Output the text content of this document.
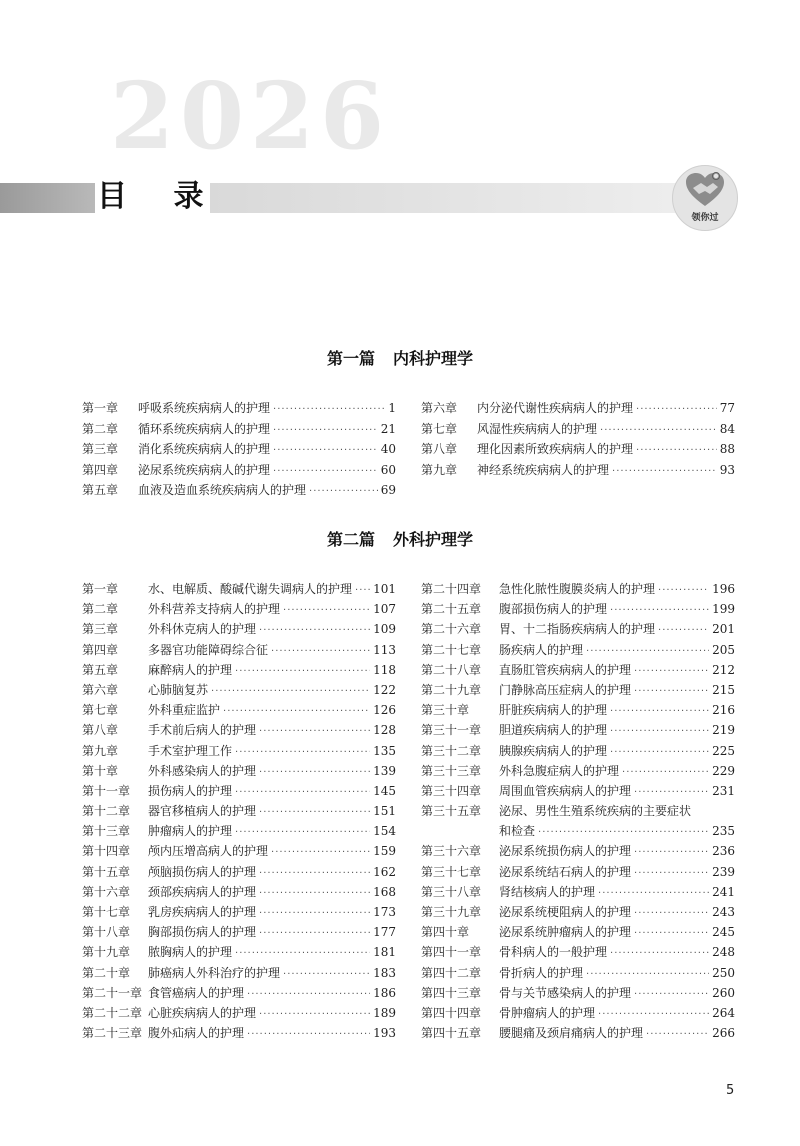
2026
目 录
领你过
第一篇 内科护理学
第一章	呼吸系统疾病病人的护理 ·····	1
第二章	循环系统疾病病人的护理 ·····	21
第三章	消化系统疾病病人的护理 ·····	40
第四章	泌尿系统疾病病人的护理 ·····	60
第五章	血液及造血系统疾病病人的护理 ·····	69
第六章	内分泌代谢性疾病病人的护理 ·····	77
第七章	风湿性疾病病人的护理 ·····	84
第八章	理化因素所致疾病病人的护理 ·····	88
第九章	神经系统疾病病人的护理 ·····	93
第二篇 外科护理学
第一章	水、电解质、酸碱代谢失调病人的护理 ····· 101
第二章	外科营养支持病人的护理 ·····	107
第三章	外科休克病人的护理 ·····	109
第四章	多器官功能障碍综合征 ·····	113
第五章	麻醉病人的护理 ·····	118
第六章	心肺脑复苏 ·····	122
第七章	外科重症监护 ·····	126
第八章	手术前后病人的护理 ·····	128
第九章	手术室护理工作 ·····	135
第十章	外科感染病人的护理 ·····	139
第十一章	损伤病人的护理 ·····	145
第十二章	器官移植病人的护理 ·····	151
第十三章	肿瘤病人的护理 ·····	154
第十四章	颅内压增高病人的护理 ·····	159
第十五章	颅脑损伤病人的护理 ·····	162
第十六章	颈部疾病病人的护理 ·····	168
第十七章	乳房疾病病人的护理 ·····	173
第十八章	胸部损伤病人的护理 ·····	177
第十九章	脓胸病人的护理 ·····	181
第二十章	肺癌病人外科治疗的护理 ·····	183
第二十一章 食管癌病人的护理 ·····	186
第二十二章 心脏疾病病人的护理 ·····	189
第二十三章 腹外疝病人的护理 ·····	193
第二十四章	急性化脓性腹膜炎病人的护理 ·····	196
第二十五章	腹部损伤病人的护理 ·····	199
第二十六章	胃、十二指肠疾病病人的护理 ·····	201
第二十七章	肠疾病人的护理 ·····	205
第二十八章	直肠肛管疾病病人的护理 ·····	212
第二十九章	门静脉高压症病人的护理 ·····	215
第三十章	肝脏疾病病人的护理 ·····	216
第三十一章	胆道疾病病人的护理 ·····	219
第三十二章	胰腺疾病病人的护理 ·····	225
第三十三章	外科急腹症病人的护理 ·····	229
第三十四章	周围血管疾病病人的护理 ·····	231
第三十五章	泌尿、男性生殖系统疾病的主要症状
和检查 ·····	235
第三十六章	泌尿系统损伤病人的护理 ·····	236
第三十七章	泌尿系统结石病人的护理 ·····	239
第三十八章	肾结核病人的护理 ·····	241
第三十九章	泌尿系统梗阻病人的护理 ·····	243
第四十章	泌尿系统肿瘤病人的护理 ·····	245
第四十一章	骨科病人的一般护理 ·····	248
第四十二章	骨折病人的护理 ·····	250
第四十三章	骨与关节感染病人的护理 ·····	260
第四十四章	骨肿瘤病人的护理 ·····	264
第四十五章	腰腿痛及颈肩痛病人的护理 ·····	266
5
